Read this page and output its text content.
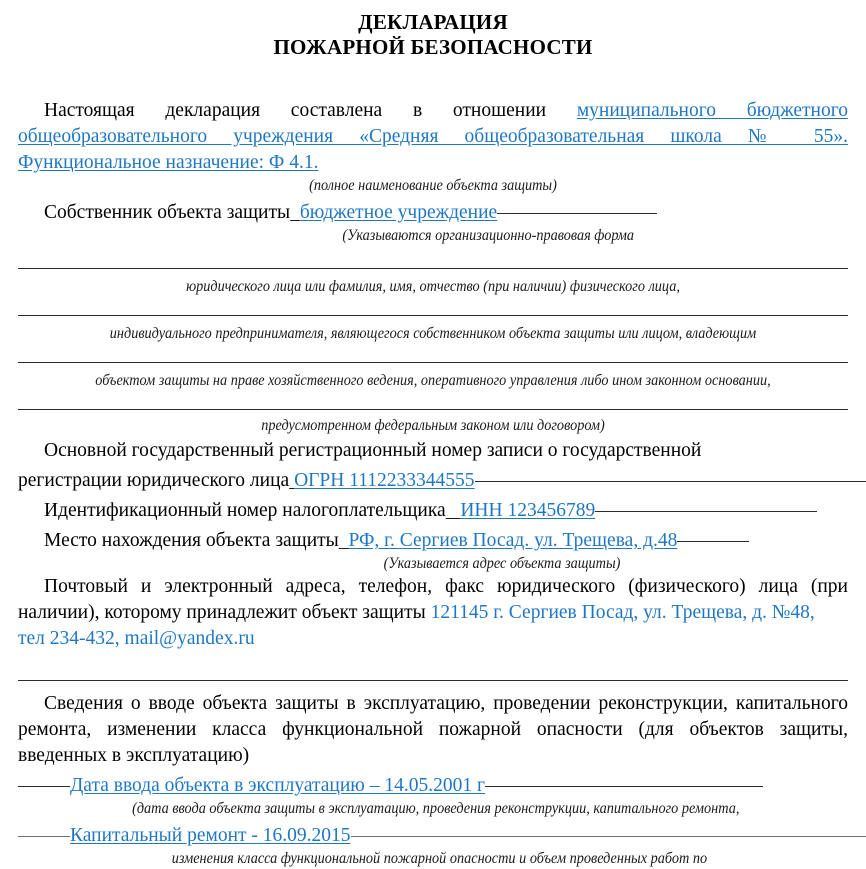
ДЕКЛАРАЦИЯ
ПОЖАРНОЙ БЕЗОПАСНОСТИ
Настоящая декларация составлена в отношении муниципального бюджетного
общеобразовательного учреждения «Средняя общеобразовательная школа № 55».
Функциональное назначение: Ф 4.1.

(полное наименование объекта защиты)

Собственник объекта защиты бюджетное учреждение

(Указываются организационно-правовая форма

юридического лица или фамилия, имя, отчество (при наличии) физического лица,

индивидуального предпринимателя, являющегося собственником объекта защиты или лицом, владеющим

объектом защиты на праве хозяйственного ведения, оперативного управления либо ином законном основании,

предусмотренном федеральным законом или договором)

Основной государственный регистрационный номер записи о государственной
регистрации юридического лица ОГРН 1112233344555
Идентификационный номер налогоплательщика ИНН 123456789
Место нахождения объекта защиты РФ, г. Сергиев Посад. ул. Трещева, д.48

(Указывается адрес объекта защиты)

Почтовый и электронный адреса, телефон, факс юридического (физического) лица (при
наличии), которому принадлежит объект защиты 121145 г. Сергиев Посад, ул. Трещева, д. №48,
тел 234-432, mail@yandex.ru
Сведения о вводе объекта защиты в эксплуатацию, проведении реконструкции, капитального
ремонта, изменении класса функциональной пожарной опасности (для объектов защиты,
введенных в эксплуатацию)
Дата ввода объекта в эксплуатацию – 14.05.2001 г

(дата ввода объекта защиты в эксплуатацию, проведения реконструкции, капитального ремонта,

Капитальный ремонт - 16.09.2015

изменения класса функциональной пожарной опасности и объем проведенных работ по
